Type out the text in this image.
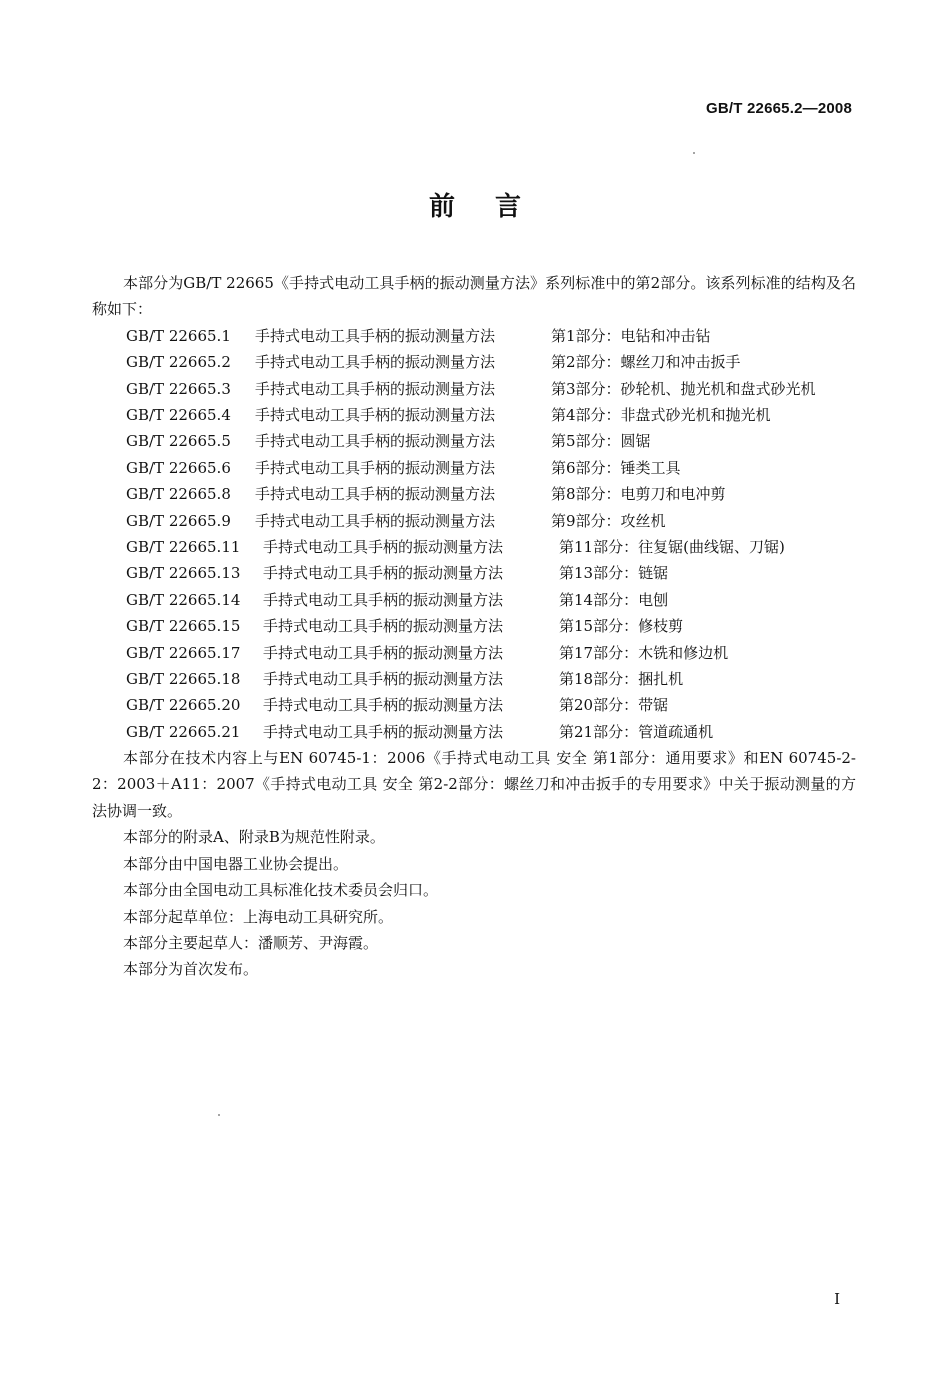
GB/T 22665.2—2008
前言

本部分为GB/T 22665《手持式电动工具手柄的振动测量方法》系列标准中的第2部分。该系列标准的结构及名称如下：

GB/T 22665.1 手持式电动工具手柄的振动测量方法	第1部分：电钻和冲击钻
GB/T 22665.2 手持式电动工具手柄的振动测量方法	第2部分：螺丝刀和冲击扳手
GB/T 22665.3 手持式电动工具手柄的振动测量方法	第3部分：砂轮机、抛光机和盘式砂光机
GB/T 22665.4 手持式电动工具手柄的振动测量方法	第4部分：非盘式砂光机和抛光机
GB/T 22665.5 手持式电动工具手柄的振动测量方法	第5部分：圆锯
GB/T 22665.6 手持式电动工具手柄的振动测量方法	第6部分：锤类工具
GB/T 22665.8 手持式电动工具手柄的振动测量方法	第8部分：电剪刀和电冲剪
GB/T 22665.9 手持式电动工具手柄的振动测量方法	第9部分：攻丝机
GB/T 22665.11 手持式电动工具手柄的振动测量方法	第11部分：往复锯(曲线锯、刀锯)
GB/T 22665.13 手持式电动工具手柄的振动测量方法	第13部分：链锯
GB/T 22665.14 手持式电动工具手柄的振动测量方法	第14部分：电刨
GB/T 22665.15 手持式电动工具手柄的振动测量方法	第15部分：修枝剪
GB/T 22665.17 手持式电动工具手柄的振动测量方法	第17部分：木铣和修边机
GB/T 22665.18 手持式电动工具手柄的振动测量方法	第18部分：捆扎机
GB/T 22665.20 手持式电动工具手柄的振动测量方法	第20部分：带锯
GB/T 22665.21 手持式电动工具手柄的振动测量方法	第21部分：管道疏通机

本部分在技术内容上与EN 60745-1：2006《手持式电动工具 安全 第1部分：通用要求》和EN 60745-2-2：2003＋A11：2007《手持式电动工具 安全 第2-2部分：螺丝刀和冲击扳手的专用要求》中关于振动测量的方法协调一致。

本部分的附录A、附录B为规范性附录。

本部分由中国电器工业协会提出。

本部分由全国电动工具标准化技术委员会归口。

本部分起草单位：上海电动工具研究所。

本部分主要起草人：潘顺芳、尹海霞。

本部分为首次发布。

I
